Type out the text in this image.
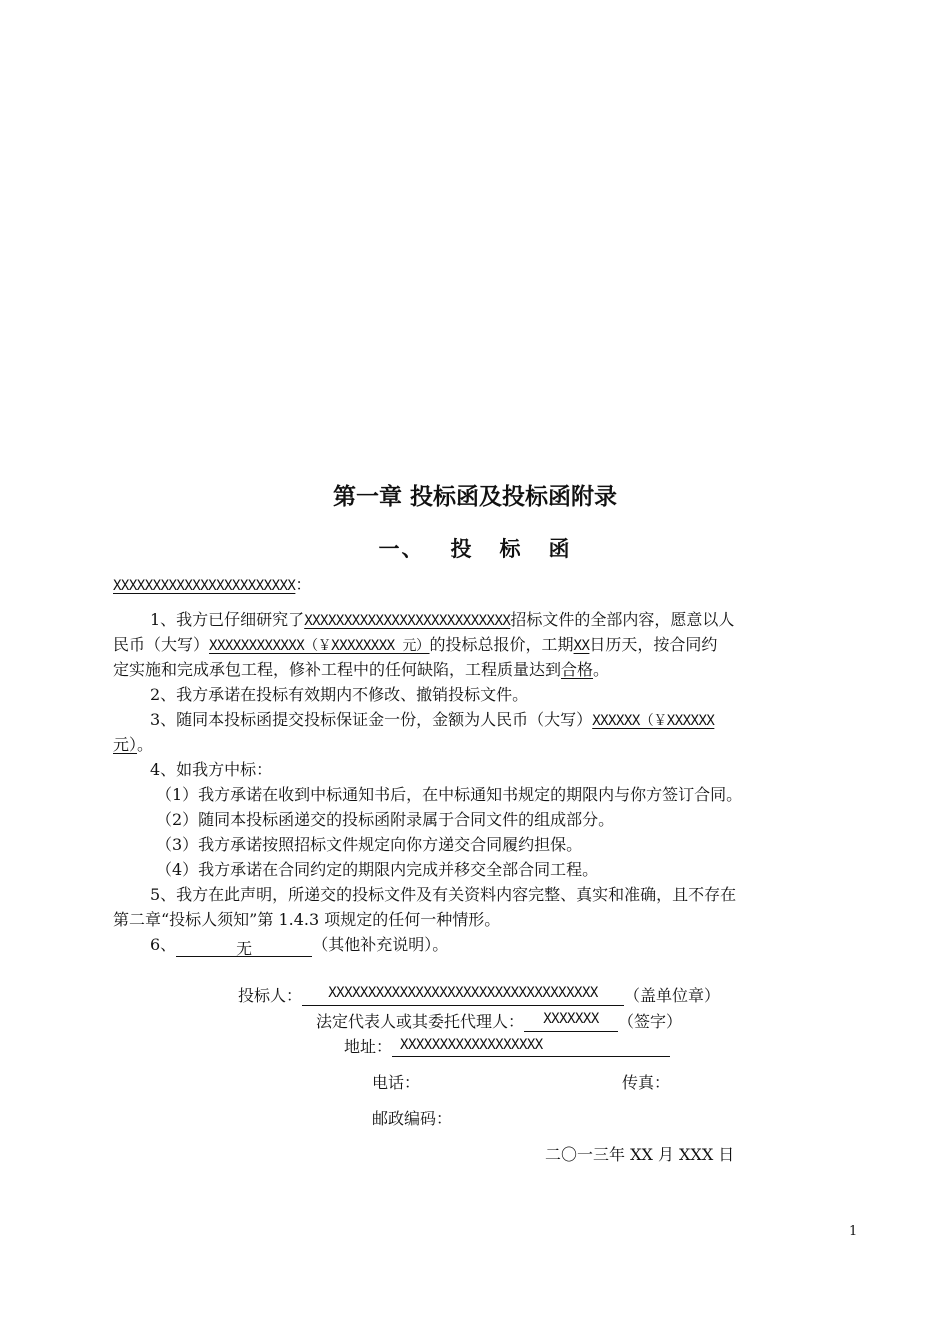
第一章 投标函及投标函附录
一、 投 标 函
XXXXXXXXXXXXXXXXXXXXXXX：
1、我方已仔细研究了XXXXXXXXXXXXXXXXXXXXXXXXXX招标文件的全部内容，愿意以人
民币（大写）XXXXXXXXXXXX（￥XXXXXXXX 元）的投标总报价，工期XX日历天，按合同约
定实施和完成承包工程，修补工程中的任何缺陷，工程质量达到合格。
2、我方承诺在投标有效期内不修改、撤销投标文件。
3、随同本投标函提交投标保证金一份，金额为人民币（大写）XXXXXX（￥XXXXXX
元）。
4、如我方中标：
（1）我方承诺在收到中标通知书后，在中标通知书规定的期限内与你方签订合同。
（2）随同本投标函递交的投标函附录属于合同文件的组成部分。
（3）我方承诺按照招标文件规定向你方递交合同履约担保。
（4）我方承诺在合同约定的期限内完成并移交全部合同工程。
5、我方在此声明，所递交的投标文件及有关资料内容完整、真实和准确，且不存在
第二章“投标人须知”第 1.4.3 项规定的任何一种情形。
6、	无	（其他补充说明）。
投标人： XXXXXXXXXXXXXXXXXXXXXXXXXXXXXXXXXX （盖单位章）
法定代表人或其委托代理人： XXXXXXX （签字）
地址： XXXXXXXXXXXXXXXXXX
电话：	传真：
邮政编码：
二〇一三年 XX 月 XXX 日
1
